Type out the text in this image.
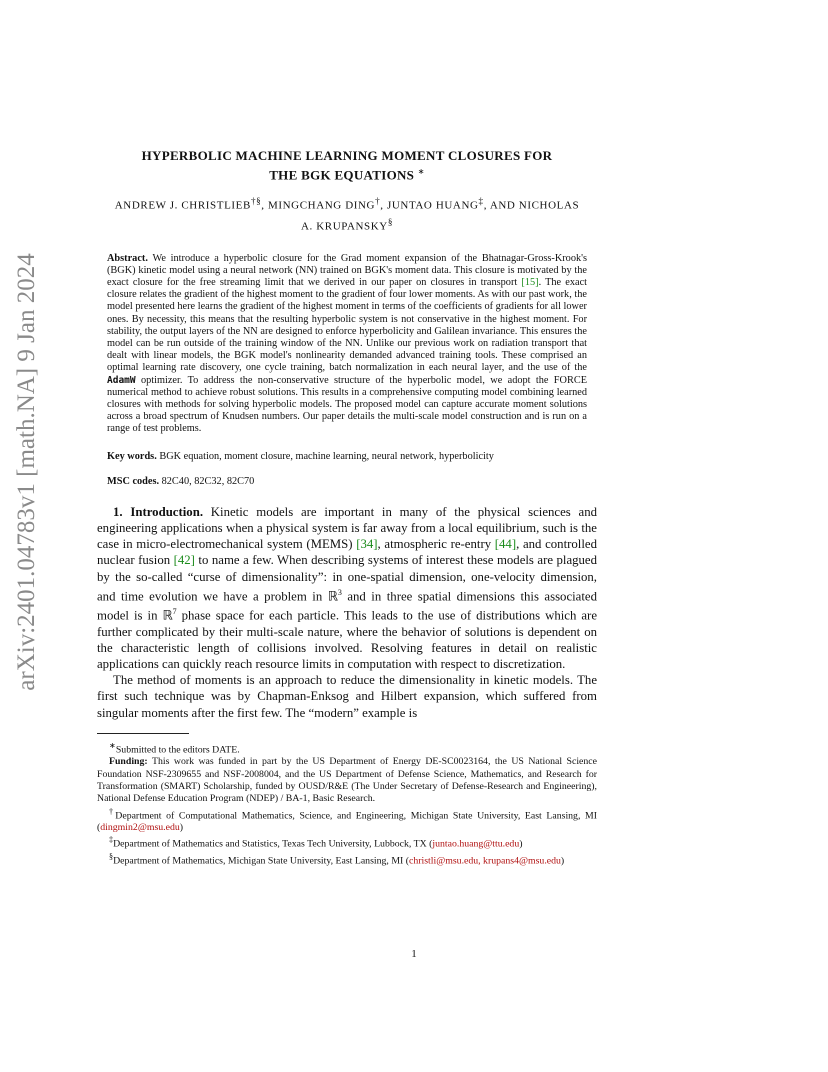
arXiv:2401.04783v1 [math.NA] 9 Jan 2024
HYPERBOLIC MACHINE LEARNING MOMENT CLOSURES FOR
THE BGK EQUATIONS ∗
ANDREW J. CHRISTLIEB†§, MINGCHANG DING†, JUNTAO HUANG‡, AND NICHOLAS
A. KRUPANSKY§
Abstract. We introduce a hyperbolic closure for the Grad moment expansion of the Bhatnagar-Gross-Krook's (BGK) kinetic model using a neural network (NN) trained on BGK's moment data. This closure is motivated by the exact closure for the free streaming limit that we derived in our paper on closures in transport [15]. The exact closure relates the gradient of the highest moment to the gradient of four lower moments. As with our past work, the model presented here learns the gradient of the highest moment in terms of the coefficients of gradients for all lower ones. By necessity, this means that the resulting hyperbolic system is not conservative in the highest moment. For stability, the output layers of the NN are designed to enforce hyperbolicity and Galilean invariance. This ensures the model can be run outside of the training window of the NN. Unlike our previous work on radiation transport that dealt with linear models, the BGK model's nonlinearity demanded advanced training tools. These comprised an optimal learning rate discovery, one cycle training, batch normalization in each neural layer, and the use of the AdamW optimizer. To address the non-conservative structure of the hyperbolic model, we adopt the FORCE numerical method to achieve robust solutions. This results in a comprehensive computing model combining learned closures with methods for solving hyperbolic models. The proposed model can capture accurate moment solutions across a broad spectrum of Knudsen numbers. Our paper details the multi-scale model construction and is run on a range of test problems.
Key words. BGK equation, moment closure, machine learning, neural network, hyperbolicity
MSC codes. 82C40, 82C32, 82C70

1. Introduction. Kinetic models are important in many of the physical sciences and engineering applications when a physical system is far away from a local equilibrium, such is the case in micro-electromechanical system (MEMS) [34], atmospheric re-entry [44], and controlled nuclear fusion [42] to name a few. When describing systems of interest these models are plagued by the so-called “curse of dimensionality”: in one-spatial dimension, one-velocity dimension, and time evolution we have a problem in ℝ$^3$ and in three spatial dimensions this associated model is in ℝ$^7$ phase space for each particle. This leads to the use of distributions which are further complicated by their multi-scale nature, where the behavior of solutions is dependent on the characteristic length of collisions involved. Resolving features in detail on realistic applications can quickly reach resource limits in computation with respect to discretization.

The method of moments is an approach to reduce the dimensionality in kinetic models. The first such technique was by Chapman-Enksog and Hilbert expansion, which suffered from singular moments after the first few. The “modern” example is

∗Submitted to the editors DATE.

Funding: This work was funded in part by the US Department of Energy DE-SC0023164, the US National Science Foundation NSF-2309655 and NSF-2008004, and the US Department of Defense Science, Mathematics, and Research for Transformation (SMART) Scholarship, funded by OUSD/R&E (The Under Secretary of Defense-Research and Engineering), National Defense Education Program (NDEP) / BA-1, Basic Research.

†Department of Computational Mathematics, Science, and Engineering, Michigan State University, East Lansing, MI (dingmin2@msu.edu)

‡Department of Mathematics and Statistics, Texas Tech University, Lubbock, TX (juntao.huang@ttu.edu)

§Department of Mathematics, Michigan State University, East Lansing, MI (christli@msu.edu, krupans4@msu.edu)

1
